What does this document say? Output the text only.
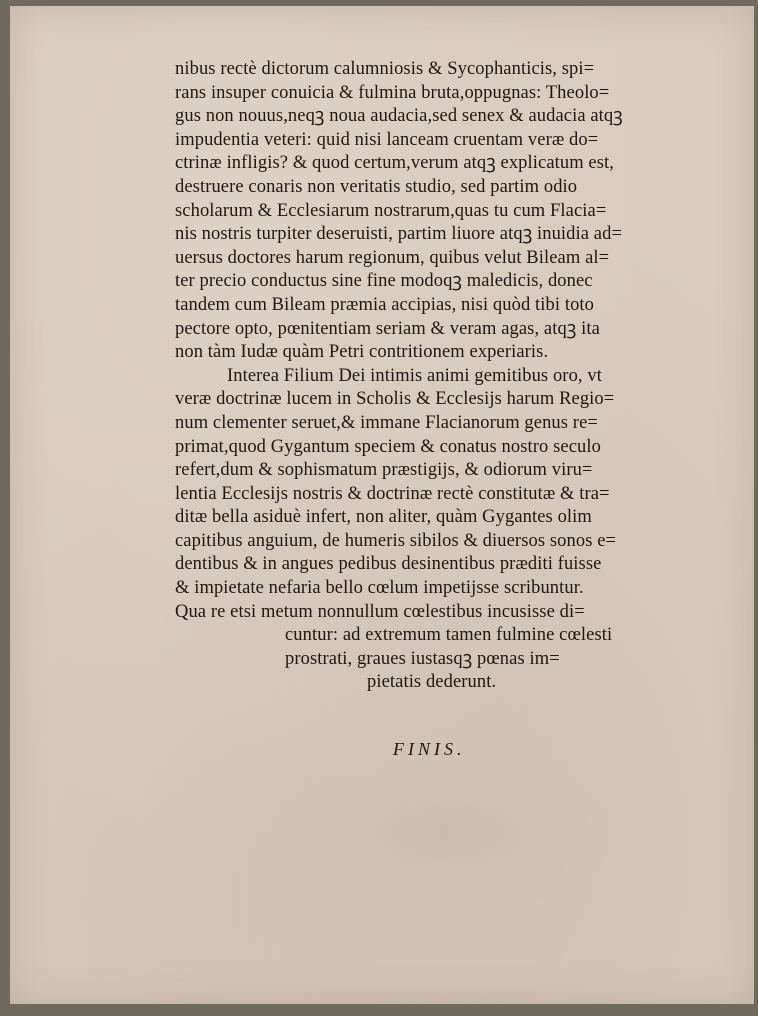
nibus rectè dictorum calumniosis & Sycophanticis, spi=
rans insuper conuicia & fulmina bruta,oppugnas: Theolo=
gus non nouus,neqꝫ noua audacia,sed senex & audacia atqꝫ
impudentia veteri: quid nisi lanceam cruentam veræ do=
ctrinæ infligis? & quod certum,verum atqꝫ explicatum est,
destruere conaris non veritatis studio, sed partim odio
scholarum & Ecclesiarum nostrarum,quas tu cum Flacia=
nis nostris turpiter deseruisti, partim liuore atqꝫ inuidia ad=
uersus doctores harum regionum, quibus velut Bileam al=
ter precio conductus sine fine modoqꝫ maledicis, donec
tandem cum Bileam præmia accipias, nisi quòd tibi toto
pectore opto, pœnitentiam seriam & veram agas, atqꝫ ita
non tàm Iudæ quàm Petri contritionem experiaris.
Interea Filium Dei intimis animi gemitibus oro, vt
veræ doctrinæ lucem in Scholis & Ecclesijs harum Regio=
num clementer seruet,& immane Flacianorum genus re=
primat,quod Gygantum speciem & conatus nostro seculo
refert,dum & sophismatum præstigijs, & odiorum viru=
lentia Ecclesijs nostris & doctrinæ rectè constitutæ & tra=
ditæ bella asiduè infert, non aliter, quàm Gygantes olim
capitibus anguium, de humeris sibilos & diuersos sonos e=
dentibus & in angues pedibus desinentibus præditi fuisse
& impietate nefaria bello cœlum impetijsse scribuntur.
Qua re etsi metum nonnullum cœlestibus incusisse di=
cuntur: ad extremum tamen fulmine cœlesti
prostrati, graues iustasqꝫ pœnas im=
pietatis dederunt.
FINIS.
